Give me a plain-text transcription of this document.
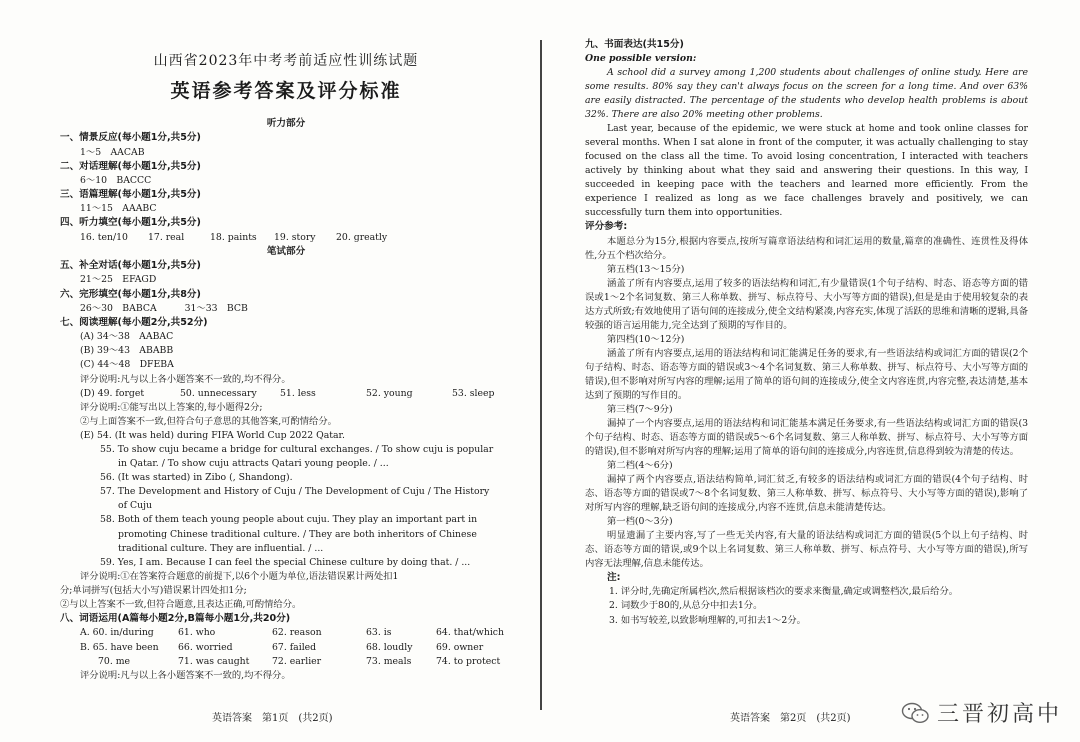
山西省2023年中考考前适应性训练试题
英语参考答案及评分标准
听力部分
一、情景反应(每小题1分,共5分)
1～5　 AACAB
二、对话理解(每小题1分,共5分)
6～10　 BACCC
三、语篇理解(每小题1分,共5分)
11～15　 AAABC
四、听力填空(每小题1分,共5分)
16. ten/10	17. real	18. paints	19. story	20. greatly
笔试部分
五、补全对话(每小题1分,共5分)
21～25　 EFAGD
六、完形填空(每小题1分,共8分)
26～30　 BABCA　　　	31～33　 BCB
七、阅读理解(每小题2分,共52分)
(A) 34～38　AABAC
(B) 39～43　ABABB
(C) 44～48　DFEBA
评分说明:凡与以上各小题答案不一致的,均不得分。
(D) 49. forget	50. unnecessary	51. less	52. young	53. sleep
评分说明:①能写出以上答案的,每小题得2分;
②与上面答案不一致,但符合句子意思的其他答案,可酌情给分。
(E) 54. (It was held) during FIFA World Cup 2022 Qatar.
55. To show cuju became a bridge for cultural exchanges. / To show cuju is popular
in Qatar. / To show cuju attracts Qatari young people. / ...
56. (It was started) in Zibo (, Shandong).
57. The Development and History of Cuju / The Development of Cuju / The History
of Cuju
58. Both of them teach young people about cuju. They play an important part in
promoting Chinese traditional culture. / They are both inheritors of Chinese
traditional culture. They are influential. / ...
59. Yes, I am. Because I can feel the special Chinese culture by doing that. / ...
评分说明:①在答案符合题意的前提下,以6个小题为单位,语法错误累计两处扣1
分;单词拼写(包括大小写)错误累计四处扣1分;
②与以上答案不一致,但符合题意,且表达正确,可酌情给分。
八、词语运用(A篇每小题2分,B篇每小题1分,共20分)
A. 60. in/during	61. who	62. reason	63. is	64. that/which
B. 65. have been	66. worried	67. failed	68. loudly	69. owner
70. me	71. was caught	72. earlier	73. meals	74. to protect
评分说明:凡与以上各小题答案不一致的,均不得分。
英语答案　第1页　(共2页)
九、书面表达(共15分)
One possible version:
A school did a survey among 1,200 students about challenges of online study. Here are some results. 80% say they can't always focus on the screen for a long time. And over 63% are easily distracted. The percentage of the students who develop health problems is about 32%. There are also 20% meeting other problems.
Last year, because of the epidemic, we were stuck at home and took online classes for several months. When I sat alone in front of the computer, it was actually challenging to stay focused on the class all the time. To avoid losing concentration, I interacted with teachers actively by thinking about what they said and answering their questions. In this way, I succeeded in keeping pace with the teachers and learned more efficiently. From the experience I realized as long as we face challenges bravely and positively, we can successfully turn them into opportunities.
评分参考:
本题总分为15分,根据内容要点,按所写篇章语法结构和词汇运用的数量,篇章的准确性、连贯性及得体性,分五个档次给分。
第五档(13～15分)
涵盖了所有内容要点,运用了较多的语法结构和词汇,有少量错误(1个句子结构、时态、语态等方面的错误或1～2个名词复数、第三人称单数、拼写、标点符号、大小写等方面的错误),但是是由于使用较复杂的表达方式所致;有效地使用了语句间的连接成分,使全文结构紧凑,内容充实,体现了活跃的思维和清晰的逻辑,具备较强的语言运用能力,完全达到了预期的写作目的。
第四档(10～12分)
涵盖了所有内容要点,运用的语法结构和词汇能满足任务的要求,有一些语法结构或词汇方面的错误(2个句子结构、时态、语态等方面的错误或3～4个名词复数、第三人称单数、拼写、标点符号、大小写等方面的错误),但不影响对所写内容的理解;运用了简单的语句间的连接成分,使全文内容连贯,内容完整,表达清楚,基本达到了预期的写作目的。
第三档(7～9分)
漏掉了一个内容要点,运用的语法结构和词汇能基本满足任务要求,有一些语法结构或词汇方面的错误(3个句子结构、时态、语态等方面的错误或5～6个名词复数、第三人称单数、拼写、标点符号、大小写等方面的错误),但不影响对所写内容的理解;运用了简单的语句间的连接成分,内容连贯,信息得到较为清楚的传达。
第二档(4～6分)
漏掉了两个内容要点,语法结构简单,词汇贫乏,有较多的语法结构或词汇方面的错误(4个句子结构、时态、语态等方面的错误或7～8个名词复数、第三人称单数、拼写、标点符号、大小写等方面的错误),影响了对所写内容的理解,缺乏语句间的连接成分,内容不连贯,信息未能清楚传达。
第一档(0～3分)
明显遗漏了主要内容,写了一些无关内容,有大量的语法结构或词汇方面的错误(5个以上句子结构、时态、语态等方面的错误,或9个以上名词复数、第三人称单数、拼写、标点符号、大小写等方面的错误),所写内容无法理解,信息未能传达。
注:
1. 评分时,先确定所属档次,然后根据该档次的要求来衡量,确定或调整档次,最后给分。
2. 词数少于80的,从总分中扣去1分。
3. 如书写较差,以致影响理解的,可扣去1～2分。
英语答案　第2页　(共2页)	三晋初高中
